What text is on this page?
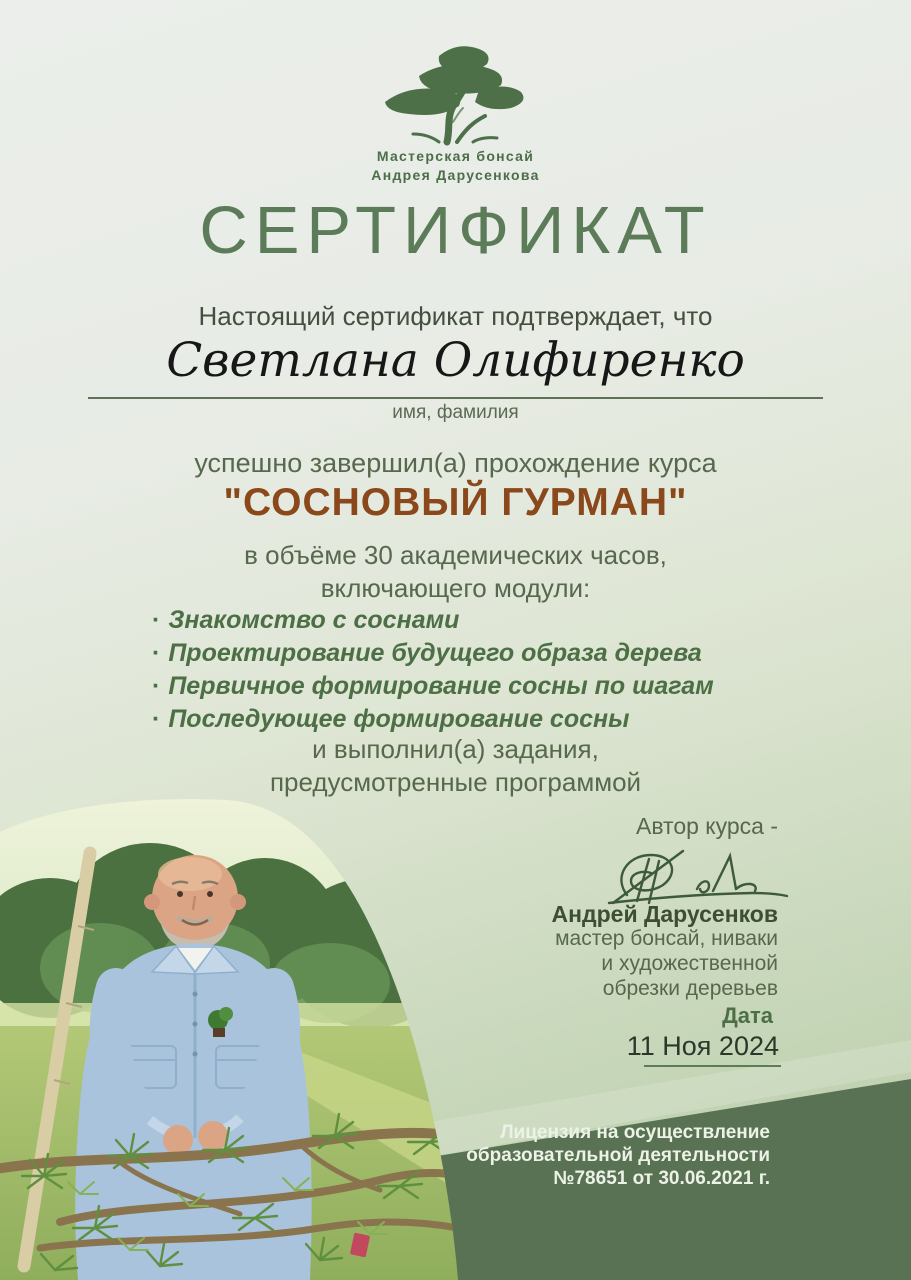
Мастерская бонсай
Андрея Дарусенкова
СЕРТИФИКАТ
Настоящий сертификат подтверждает, что
Светлана Олифиренко
имя, фамилия
успешно завершил(а) прохождение курса
"СОСНОВЫЙ ГУРМАН"
в объёме 30 академических часов,
включающего модули:
· Знакомство с соснами
· Проектирование будущего образа дерева
· Первичное формирование сосны по шагам
· Последующее формирование сосны
и выполнил(а) задания,
предусмотренные программой
Автор курса -
Андрей Дарусенков
мастер бонсай, ниваки
и художественной
обрезки деревьев
Дата
11 Ноя 2024
Лицензия на осуществление
образовательной деятельности
№78651 от 30.06.2021 г.
